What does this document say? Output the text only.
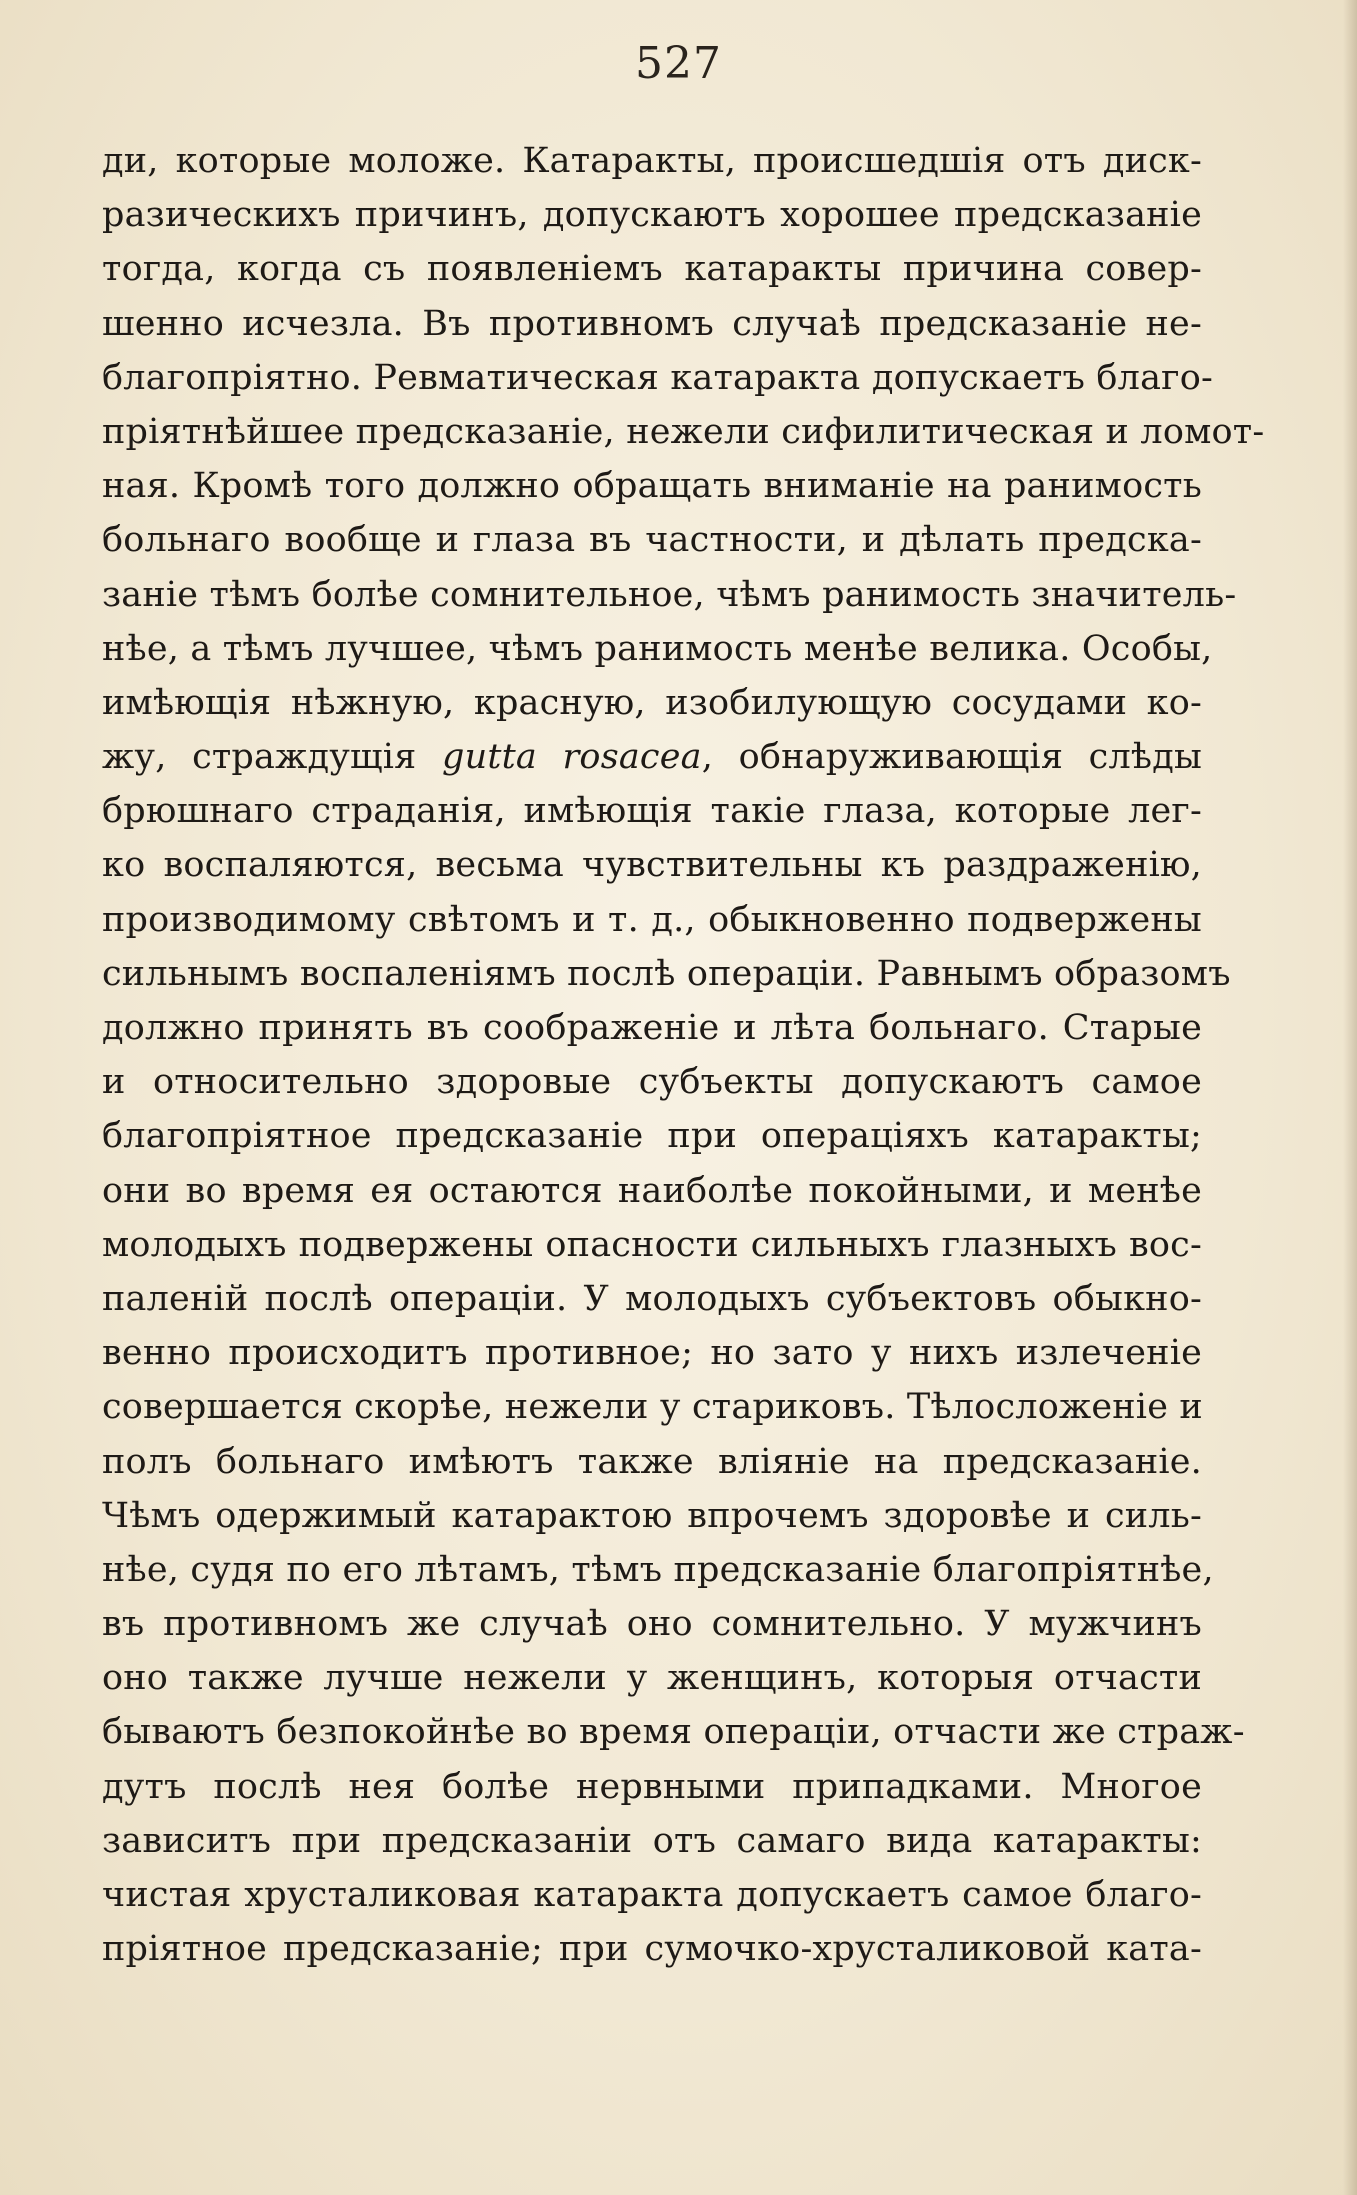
527
ди, которые моложе. Катаракты, происшедшія отъ диск-
разическихъ причинъ, допускаютъ хорошее предсказаніе
тогда, когда съ появленіемъ катаракты причина совер-
шенно исчезла. Въ противномъ случаѣ предсказаніе не-
благопріятно. Ревматическая катаракта допускаетъ благо-
пріятнѣйшее предсказаніе, нежели сифилитическая и ломот-
ная. Кромѣ того должно обращать вниманіе на ранимость
больнаго вообще и глаза въ частности, и дѣлать предска-
заніе тѣмъ болѣе сомнительное, чѣмъ ранимость значитель-
нѣе, а тѣмъ лучшее, чѣмъ ранимость менѣе велика. Особы,
имѣющія нѣжную, красную, изобилующую сосудами ко-
жу, страждущія gutta rosacea, обнаруживающія слѣды
брюшнаго страданія, имѣющія такіе глаза, которые лег-
ко воспаляются, весьма чувствительны къ раздраженію,
производимому свѣтомъ и т. д., обыкновенно подвержены
сильнымъ воспаленіямъ послѣ операціи. Равнымъ образомъ
должно принять въ соображеніе и лѣта больнаго. Старые
и относительно здоровые субъекты допускаютъ самое
благопріятное предсказаніе при операціяхъ катаракты;
они во время ея остаются наиболѣе покойными, и менѣе
молодыхъ подвержены опасности сильныхъ глазныхъ вос-
паленій послѣ операціи. У молодыхъ субъектовъ обыкно-
венно происходитъ противное; но зато у нихъ излеченіе
совершается скорѣе, нежели у стариковъ. Тѣлосложеніе и
полъ больнаго имѣютъ также вліяніе на предсказаніе.
Чѣмъ одержимый катарактою впрочемъ здоровѣе и силь-
нѣе, судя по его лѣтамъ, тѣмъ предсказаніе благопріятнѣе,
въ противномъ же случаѣ оно сомнительно. У мужчинъ
оно также лучше нежели у женщинъ, которыя отчасти
бываютъ безпокойнѣе во время операціи, отчасти же страж-
дутъ послѣ нея болѣе нервными припадками. Многое
зависитъ при предсказаніи отъ самаго вида катаракты:
чистая хрусталиковая катаракта допускаетъ самое благо-
пріятное предсказаніе; при сумочко-хрусталиковой ката-
